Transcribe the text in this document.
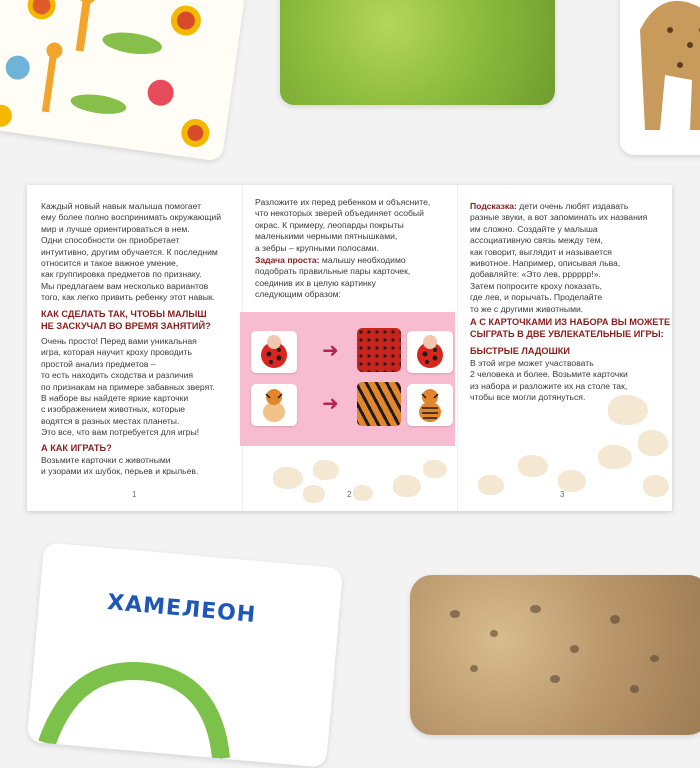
ХАМЕЛЕОН
Каждый новый навык малыша помогает
ему более полно воспринимать окружающий
мир и лучше ориентироваться в нем.
Одни способности он приобретает
интуитивно, другим обучается. К последним
относится и такое важное умение,
как группировка предметов по признаку.
Мы предлагаем вам несколько вариантов
того, как легко привить ребенку этот навык.
КАК СДЕЛАТЬ ТАК, ЧТОБЫ МАЛЫШ
НЕ ЗАСКУЧАЛ ВО ВРЕМЯ ЗАНЯТИЙ?
Очень просто! Перед вами уникальная
игра, которая научит кроху проводить
простой анализ предметов –
то есть находить сходства и различия
по признакам на примере забавных зверят.
В наборе вы найдете яркие карточки
с изображением животных, которые
водятся в разных местах планеты.
Это все, что вам потребуется для игры!
А КАК ИГРАТЬ?
Возьмите карточки с животными
и узорами их шубок, перьев и крыльев.
1
Разложите их перед ребенком и объясните,
что некоторых зверей объединяет особый
окрас. К примеру, леопарды покрыты
маленькими черными пятнышками,
а зебры – крупными полосами.
Задача проста: малышу необходимо
подобрать правильные пары карточек,
соединив их в целую картинку
следующим образом:
2
➜
➜
Подсказка: дети очень любят издавать
разные звуки, а вот запоминать их названия
им сложно. Создайте у малыша
ассоциативную связь между тем,
как говорит, выглядит и называется
животное. Например, описывая льва,
добавляйте: «Это лев, рррррр!».
Затем попросите кроху показать,
где лев, и порычать. Проделайте
то же с другими животными.
А С КАРТОЧКАМИ ИЗ НАБОРА ВЫ МОЖЕТЕ
СЫГРАТЬ В ДВЕ УВЛЕКАТЕЛЬНЫЕ ИГРЫ:
БЫСТРЫЕ ЛАДОШКИ
В этой игре может участвовать
2 человека и более. Возьмите карточки
из набора и разложите их на столе так,
чтобы все могли дотянуться.
3
